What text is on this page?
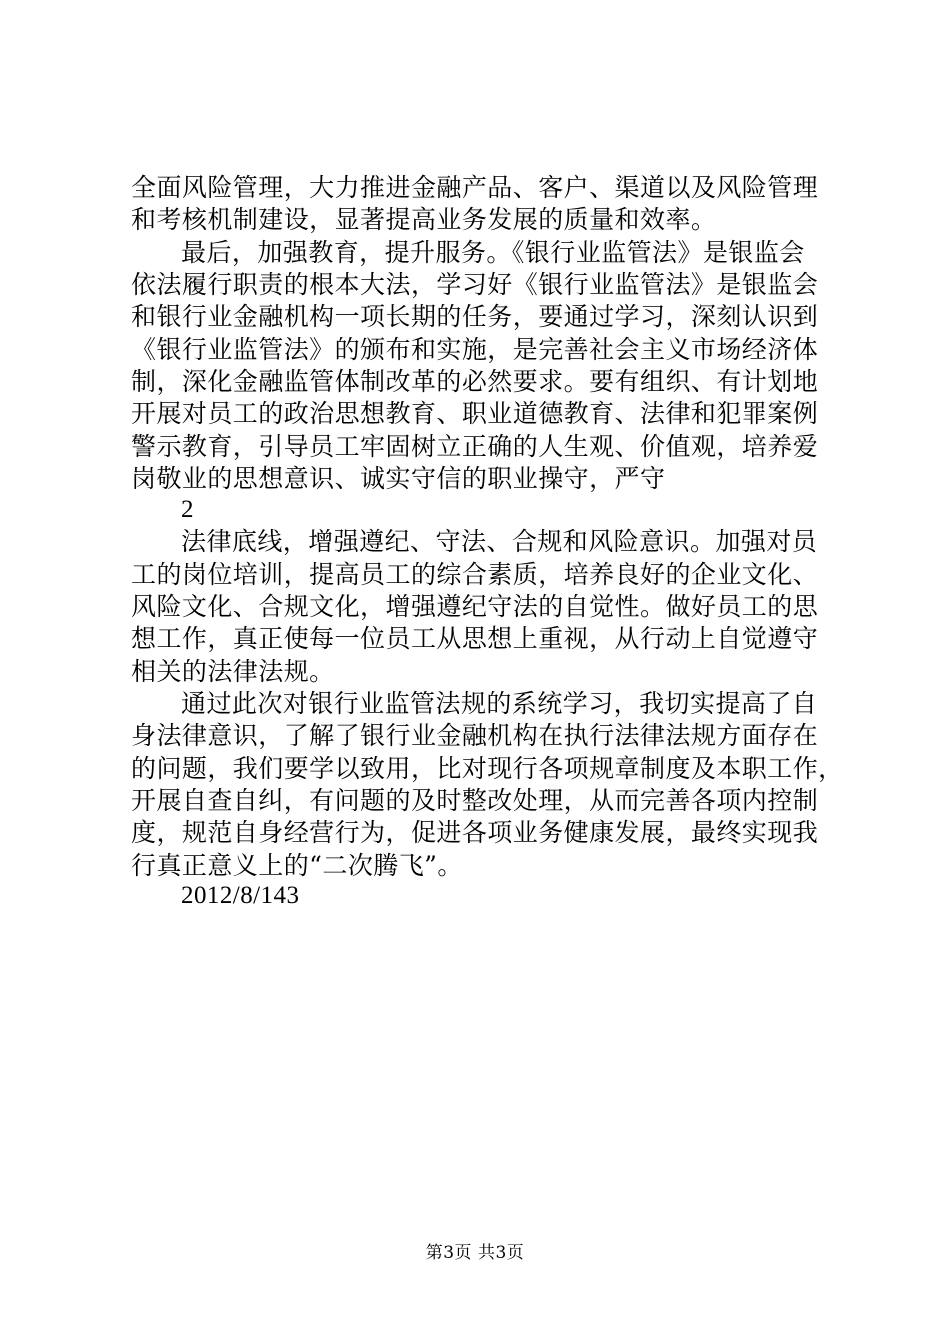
全面风险管理，大力推进金融产品、客户、渠道以及风险管理
和考核机制建设，显著提高业务发展的质量和效率。
最后，加强教育，提升服务。《银行业监管法》是银监会
依法履行职责的根本大法，学习好《银行业监管法》是银监会
和银行业金融机构一项长期的任务，要通过学习，深刻认识到
《银行业监管法》的颁布和实施，是完善社会主义市场经济体
制，深化金融监管体制改革的必然要求。要有组织、有计划地
开展对员工的政治思想教育、职业道德教育、法律和犯罪案例
警示教育，引导员工牢固树立正确的人生观、价值观，培养爱
岗敬业的思想意识、诚实守信的职业操守，严守
2
法律底线，增强遵纪、守法、合规和风险意识。加强对员
工的岗位培训，提高员工的综合素质，培养良好的企业文化、
风险文化、合规文化，增强遵纪守法的自觉性。做好员工的思
想工作，真正使每一位员工从思想上重视，从行动上自觉遵守
相关的法律法规。
通过此次对银行业监管法规的系统学习，我切实提高了自
身法律意识，了解了银行业金融机构在执行法律法规方面存在
的问题，我们要学以致用，比对现行各项规章制度及本职工作，
开展自查自纠，有问题的及时整改处理，从而完善各项内控制
度，规范自身经营行为，促进各项业务健康发展，最终实现我
行真正意义上的“二次腾飞”。
2012/8/143
第3页 共3页
